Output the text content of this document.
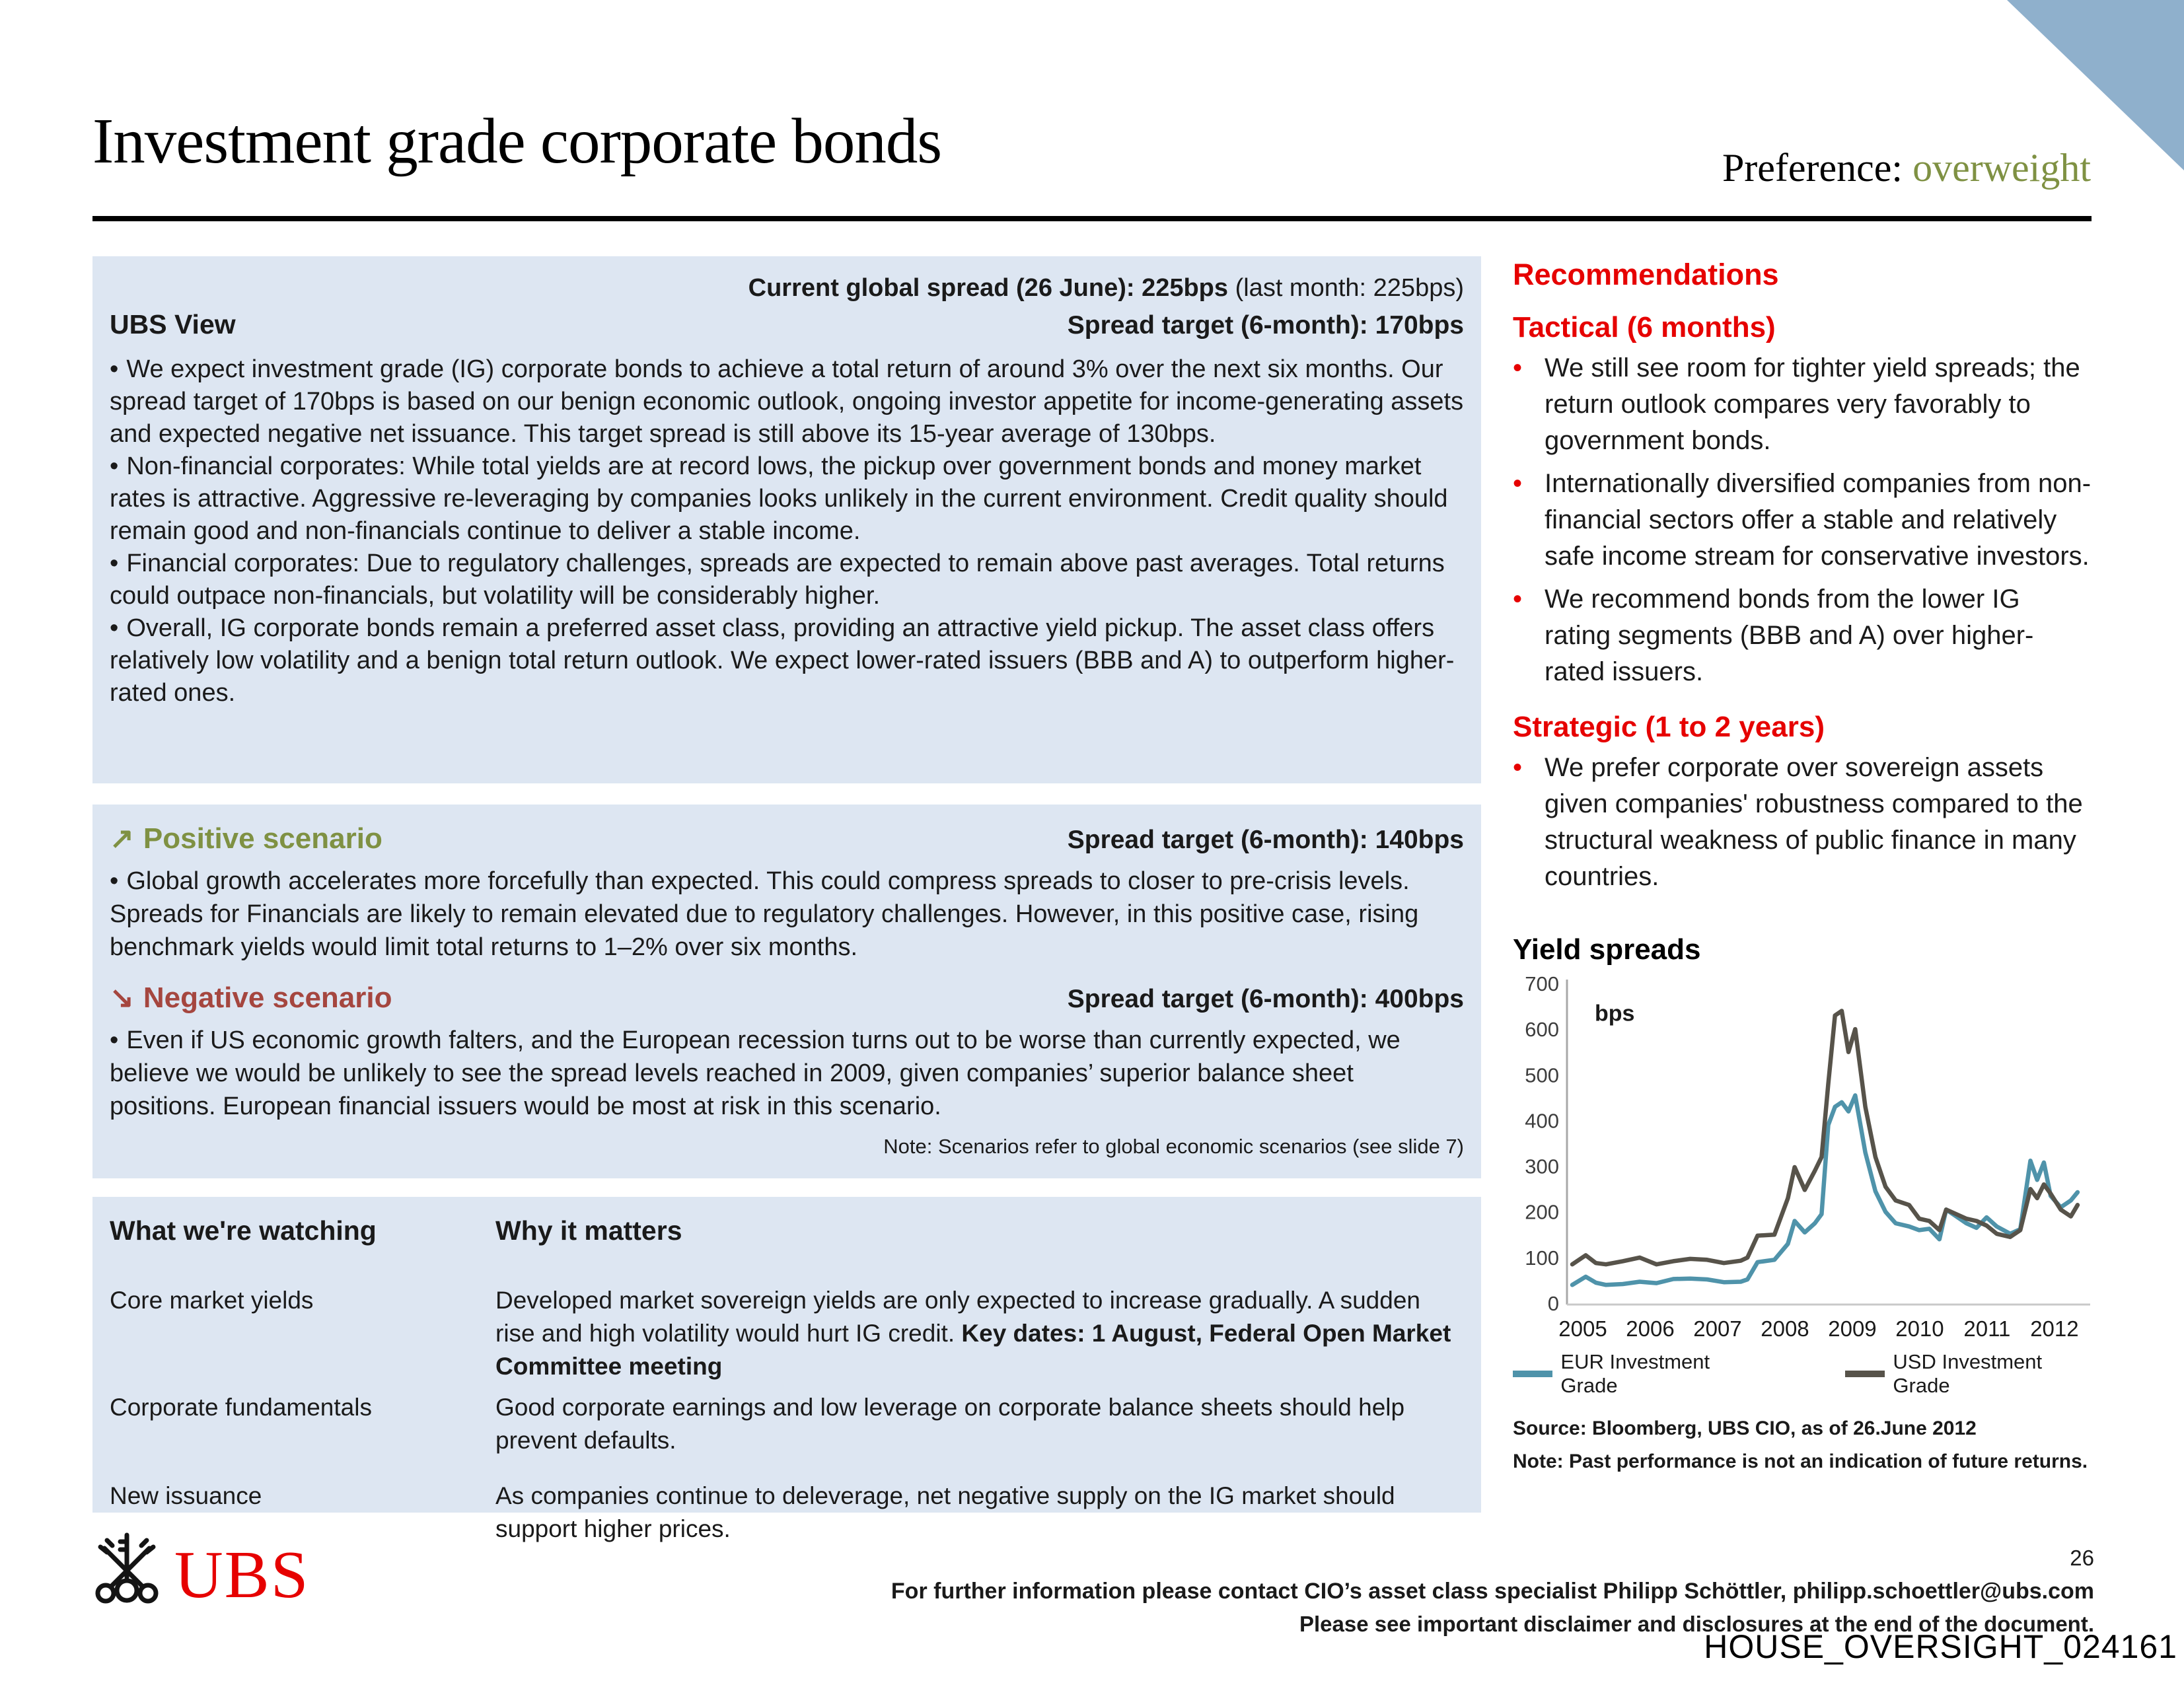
Investment grade corporate bonds	Preference: overweight
Current global spread (26 June): 225bps (last month: 225bps)
UBS View	Spread target (6-month): 170bps

• We expect investment grade (IG) corporate bonds to achieve a total return of around 3% over the next six months. Our spread target of 170bps is based on our benign economic outlook, ongoing investor appetite for income-generating assets and expected negative net issuance. This target spread is still above its 15-year average of 130bps.

• Non-financial corporates: While total yields are at record lows, the pickup over government bonds and money market rates is attractive. Aggressive re-leveraging by companies looks unlikely in the current environment. Credit quality should remain good and non-financials continue to deliver a stable income.

• Financial corporates: Due to regulatory challenges, spreads are expected to remain above past averages. Total returns could outpace non-financials, but volatility will be considerably higher.

• Overall, IG corporate bonds remain a preferred asset class, providing an attractive yield pickup. The asset class offers relatively low volatility and a benign total return outlook. We expect lower-rated issuers (BBB and A) to outperform higher-rated ones.

↗ Positive scenario	Spread target (6-month): 140bps
• Global growth accelerates more forcefully than expected. This could compress spreads to closer to pre-crisis levels. Spreads for Financials are likely to remain elevated due to regulatory challenges. However, in this positive case, rising benchmark yields would limit total returns to 1–2% over six months.
↘ Negative scenario	Spread target (6-month): 400bps
• Even if US economic growth falters, and the European recession turns out to be worse than currently expected, we believe we would be unlikely to see the spread levels reached in 2009, given companies’ superior balance sheet positions. European financial issuers would be most at risk in this scenario.
Note: Scenarios refer to global economic scenarios (see slide 7)
What we're watching	Why it matters
Core market yields	Developed market sovereign yields are only expected to increase gradually. A sudden rise and high volatility would hurt IG credit. Key dates: 1 August, Federal Open Market Committee meeting
Corporate fundamentals	Good corporate earnings and low leverage on corporate balance sheets should help prevent defaults.
New issuance	As companies continue to deleverage, net negative supply on the IG market should support higher prices.
Recommendations
Tactical (6 months)
• We still see room for tighter yield spreads; the return outlook compares very favorably to government bonds.
• Internationally diversified companies from non-financial sectors offer a stable and relatively safe income stream for conservative investors.
• We recommend bonds from the lower IG rating segments (BBB and A) over higher-rated issuers.
Strategic (1 to 2 years)
• We prefer corporate over sovereign assets given companies' robustness compared to the structural weakness of public finance in many countries.
Yield spreads
0
100
200
300
400
500
600
700
2005 2006 2007 2008 2009 2010 2011 2012
bps
EUR Investment Grade
USD Investment Grade
Source: Bloomberg, UBS CIO, as of 26.June 2012
Note: Past performance is not an indication of future returns.
UBS	26
For further information please contact CIO’s asset class specialist Philipp Schöttler, philipp.schoettler@ubs.com
Please see important disclaimer and disclosures at the end of the document.
HOUSE_OVERSIGHT_024161
